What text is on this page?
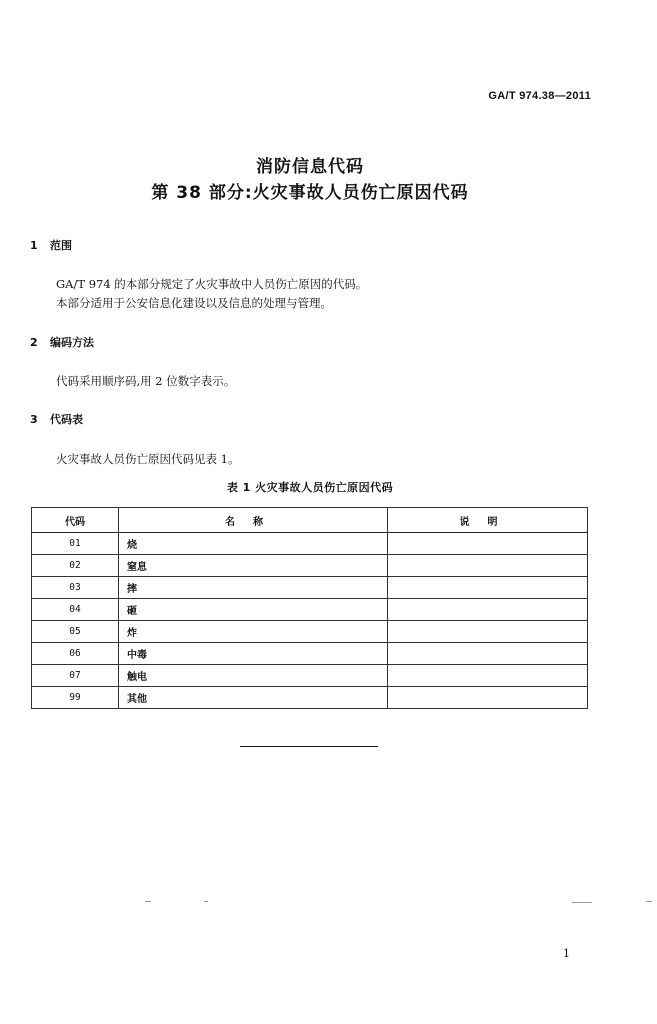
GA/T 974.38—2011
消防信息代码
第 38 部分:火灾事故人员伤亡原因代码
1 范围
GA/T 974 的本部分规定了火灾事故中人员伤亡原因的代码。
本部分适用于公安信息化建设以及信息的处理与管理。
2 编码方法
代码采用顺序码,用 2 位数字表示。
3 代码表
火灾事故人员伤亡原因代码见表 1。
表 1 火灾事故人员伤亡原因代码
代码	名称	说明
01	烧	
02	窒息	
03	摔	
04	砸	
05	炸	
06	中毒	
07	触电	
99	其他	
1
